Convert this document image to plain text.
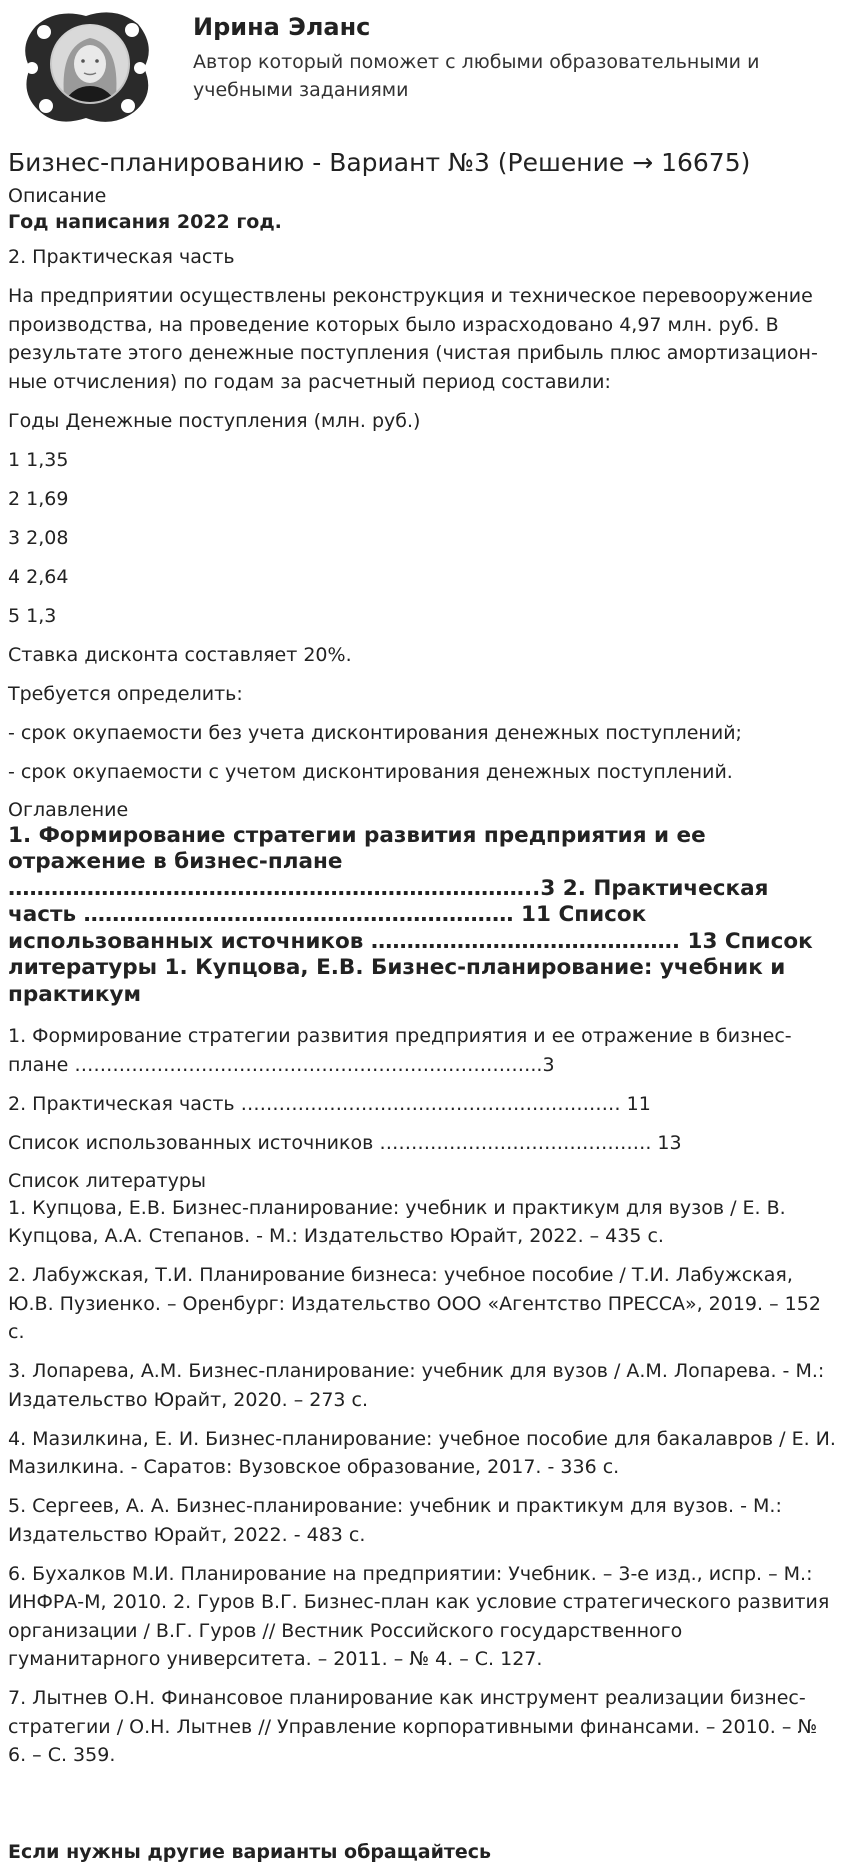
Ирина Эланс
Автор который поможет с любыми образовательными и учебными заданиями
Бизнес-планированию - Вариант №3 (Решение → 16675)
Описание
Год написания 2022 год.

2. Практическая часть

На предприятии осуществлены реконструкция и техническое перевооружение производства, на проведение которых было израсходовано 4,97 млн. руб. В результате этого денежные поступления (чистая прибыль плюс амортизацион-ные отчисления) по годам за расчетный период составили:

Годы Денежные поступления (млн. руб.)

1 1,35

2 1,69

3 2,08

4 2,64

5 1,3

Ставка дисконта составляет 20%.

Требуется определить:

- срок окупаемости без учета дисконтирования денежных поступлений;

- срок окупаемости с учетом дисконтирования денежных поступлений.

Оглавление
1. Формирование стратегии развития предприятия и ее отражение в бизнес-плане ………………………………………………………………..3 2. Практическая часть …………………………………………………… 11 Список использованных источников ……………………………………. 13 Список литературы 1. Купцова, Е.В. Бизнес-планирование: учебник и практикум

1. Формирование стратегии развития предприятия и ее отражение в бизнес-плане ………………………………………………………………..3

2. Практическая часть …………………………………………………… 11

Список использованных источников ……………………………………. 13

Список литературы

1. Купцова, Е.В. Бизнес-планирование: учебник и практикум для вузов / Е. В. Купцова, А.А. Степанов. - М.: Издательство Юрайт, 2022. – 435 с.

2. Лабужская, Т.И. Планирование бизнеса: учебное пособие / Т.И. Лабужская, Ю.В. Пузиенко. – Оренбург: Издательство ООО «Агентство ПРЕССА», 2019. – 152 с.

3. Лопарева, А.М. Бизнес-планирование: учебник для вузов / А.М. Лопарева. - М.: Издательство Юрайт, 2020. – 273 с.

4. Мазилкина, Е. И. Бизнес-планирование: учебное пособие для бакалавров / Е. И. Мазилкина. - Саратов: Вузовское образование, 2017. - 336 с.

5. Сергеев, А. А. Бизнес-планирование: учебник и практикум для вузов. - М.: Издательство Юрайт, 2022. - 483 с.

6. Бухалков М.И. Планирование на предприятии: Учебник. – 3-е изд., испр. – М.: ИНФРА-М, 2010. 2. Гуров В.Г. Бизнес-план как условие стратегического развития организации / В.Г. Гуров // Вестник Российского государственного гуманитарного университета. – 2011. – № 4. – С. 127.

7. Лытнев О.Н. Финансовое планирование как инструмент реализации бизнес-стратегии / О.Н. Лытнев // Управление корпоративными финансами. – 2010. – № 6. – С. 359.

Если нужны другие варианты обращайтесь
